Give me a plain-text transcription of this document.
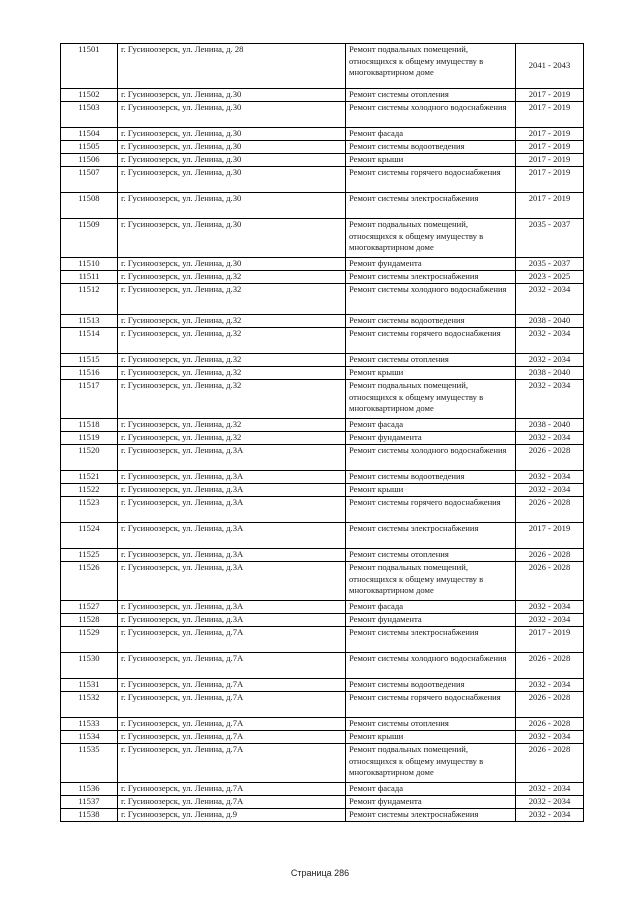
11501	г. Гусиноозерск, ул. Ленина, д. 28	Ремонт подвальных помещений, относящихся к общему имуществу в многоквартирном доме	2041 - 2043
11502	г. Гусиноозерск, ул. Ленина, д.30	Ремонт системы отопления	2017 - 2019
11503	г. Гусиноозерск, ул. Ленина, д.30	Ремонт системы холодного водоснабжения	2017 - 2019
11504	г. Гусиноозерск, ул. Ленина, д.30	Ремонт фасада	2017 - 2019
11505	г. Гусиноозерск, ул. Ленина, д.30	Ремонт системы водоотведения	2017 - 2019
11506	г. Гусиноозерск, ул. Ленина, д.30	Ремонт крыши	2017 - 2019
11507	г. Гусиноозерск, ул. Ленина, д.30	Ремонт системы горячего водоснабжения	2017 - 2019
11508	г. Гусиноозерск, ул. Ленина, д.30	Ремонт системы электроснабжения	2017 - 2019
11509	г. Гусиноозерск, ул. Ленина, д.30	Ремонт подвальных помещений, относящихся к общему имуществу в многоквартирном доме	2035 - 2037
11510	г. Гусиноозерск, ул. Ленина, д.30	Ремонт фундамента	2035 - 2037
11511	г. Гусиноозерск, ул. Ленина, д.32	Ремонт системы электроснабжения	2023 - 2025
11512	г. Гусиноозерск, ул. Ленина, д.32	Ремонт системы холодного водоснабжения	2032 - 2034
11513	г. Гусиноозерск, ул. Ленина, д.32	Ремонт системы водоотведения	2038 - 2040
11514	г. Гусиноозерск, ул. Ленина, д.32	Ремонт системы горячего водоснабжения	2032 - 2034
11515	г. Гусиноозерск, ул. Ленина, д.32	Ремонт системы отопления	2032 - 2034
11516	г. Гусиноозерск, ул. Ленина, д.32	Ремонт крыши	2038 - 2040
11517	г. Гусиноозерск, ул. Ленина, д.32	Ремонт подвальных помещений, относящихся к общему имуществу в многоквартирном доме	2032 - 2034
11518	г. Гусиноозерск, ул. Ленина, д.32	Ремонт фасада	2038 - 2040
11519	г. Гусиноозерск, ул. Ленина, д.32	Ремонт фундамента	2032 - 2034
11520	г. Гусиноозерск, ул. Ленина, д.3А	Ремонт системы холодного водоснабжения	2026 - 2028
11521	г. Гусиноозерск, ул. Ленина, д.3А	Ремонт системы водоотведения	2032 - 2034
11522	г. Гусиноозерск, ул. Ленина, д.3А	Ремонт крыши	2032 - 2034
11523	г. Гусиноозерск, ул. Ленина, д.3А	Ремонт системы горячего водоснабжения	2026 - 2028
11524	г. Гусиноозерск, ул. Ленина, д.3А	Ремонт системы электроснабжения	2017 - 2019
11525	г. Гусиноозерск, ул. Ленина, д.3А	Ремонт системы отопления	2026 - 2028
11526	г. Гусиноозерск, ул. Ленина, д.3А	Ремонт подвальных помещений, относящихся к общему имуществу в многоквартирном доме	2026 - 2028
11527	г. Гусиноозерск, ул. Ленина, д.3А	Ремонт фасада	2032 - 2034
11528	г. Гусиноозерск, ул. Ленина, д.3А	Ремонт фундамента	2032 - 2034
11529	г. Гусиноозерск, ул. Ленина, д.7А	Ремонт системы электроснабжения	2017 - 2019
11530	г. Гусиноозерск, ул. Ленина, д.7А	Ремонт системы холодного водоснабжения	2026 - 2028
11531	г. Гусиноозерск, ул. Ленина, д.7А	Ремонт системы водоотведения	2032 - 2034
11532	г. Гусиноозерск, ул. Ленина, д.7А	Ремонт системы горячего водоснабжения	2026 - 2028
11533	г. Гусиноозерск, ул. Ленина, д.7А	Ремонт системы отопления	2026 - 2028
11534	г. Гусиноозерск, ул. Ленина, д.7А	Ремонт крыши	2032 - 2034
11535	г. Гусиноозерск, ул. Ленина, д.7А	Ремонт подвальных помещений, относящихся к общему имуществу в многоквартирном доме	2026 - 2028
11536	г. Гусиноозерск, ул. Ленина, д.7А	Ремонт фасада	2032 - 2034
11537	г. Гусиноозерск, ул. Ленина, д.7А	Ремонт фундамента	2032 - 2034
11538	г. Гусиноозерск, ул. Ленина, д.9	Ремонт системы электроснабжения	2032 - 2034
Страница 286
